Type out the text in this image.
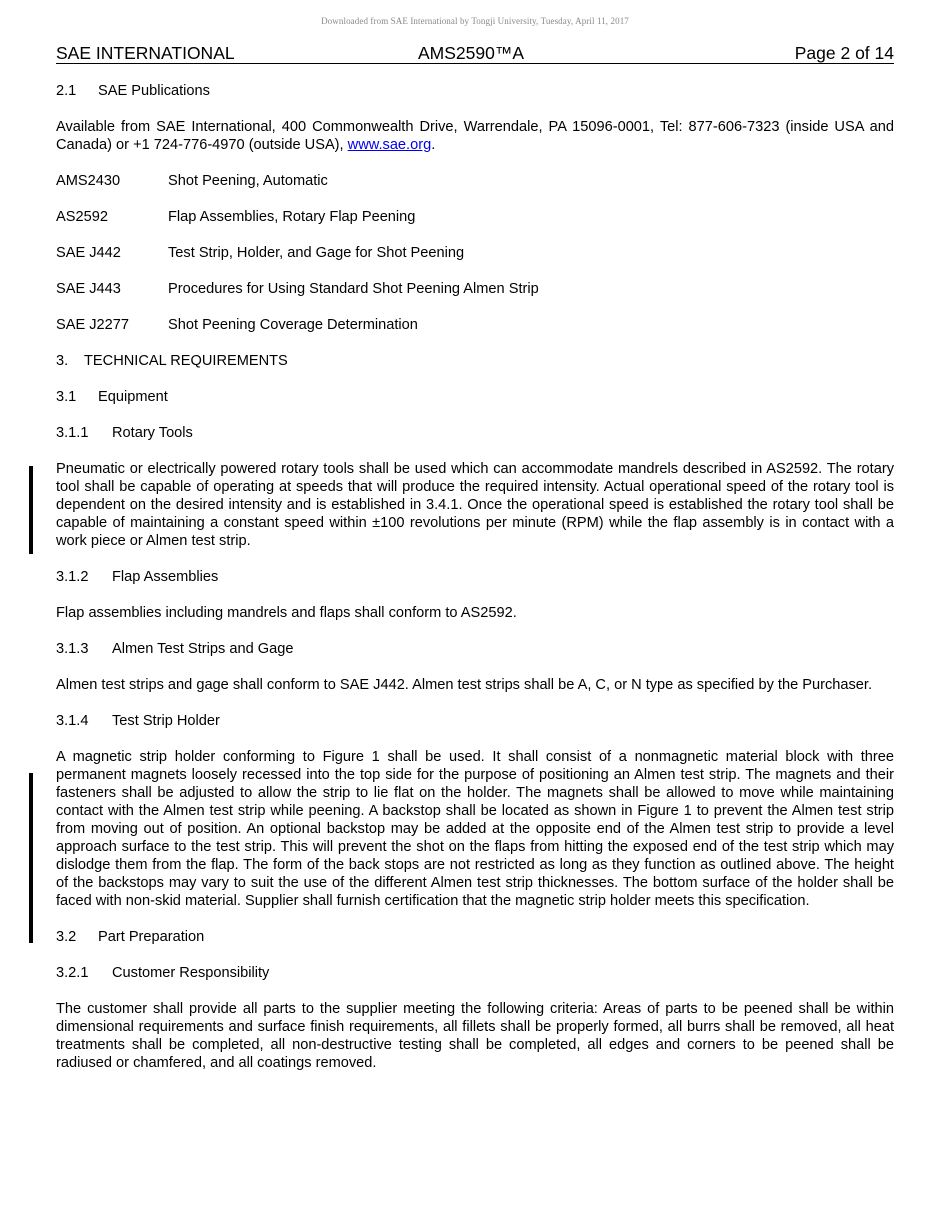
Downloaded from SAE International by Tongji University, Tuesday, April 11, 2017
SAE INTERNATIONAL	AMS2590™A	Page 2 of 14
2.1 SAE Publications

Available from SAE International, 400 Commonwealth Drive, Warrendale, PA 15096-0001, Tel: 877-606-7323 (inside USA and Canada) or +1 724-776-4970 (outside USA), www.sae.org.

AMS2430	Shot Peening, Automatic
AS2592	Flap Assemblies, Rotary Flap Peening
SAE J442	Test Strip, Holder, and Gage for Shot Peening
SAE J443	Procedures for Using Standard Shot Peening Almen Strip
SAE J2277	Shot Peening Coverage Determination
3. TECHNICAL REQUIREMENTS
3.1 Equipment
3.1.1 Rotary Tools

Pneumatic or electrically powered rotary tools shall be used which can accommodate mandrels described in AS2592. The rotary tool shall be capable of operating at speeds that will produce the required intensity. Actual operational speed of the rotary tool is dependent on the desired intensity and is established in 3.4.1. Once the operational speed is established the rotary tool shall be capable of maintaining a constant speed within ±100 revolutions per minute (RPM) while the flap assembly is in contact with a work piece or Almen test strip.

3.1.2 Flap Assemblies

Flap assemblies including mandrels and flaps shall conform to AS2592.

3.1.3 Almen Test Strips and Gage

Almen test strips and gage shall conform to SAE J442. Almen test strips shall be A, C, or N type as specified by the Purchaser.

3.1.4 Test Strip Holder

A magnetic strip holder conforming to Figure 1 shall be used. It shall consist of a nonmagnetic material block with three permanent magnets loosely recessed into the top side for the purpose of positioning an Almen test strip. The magnets and their fasteners shall be adjusted to allow the strip to lie flat on the holder. The magnets shall be allowed to move while maintaining contact with the Almen test strip while peening. A backstop shall be located as shown in Figure 1 to prevent the Almen test strip from moving out of position. An optional backstop may be added at the opposite end of the Almen test strip to provide a level approach surface to the test strip. This will prevent the shot on the flaps from hitting the exposed end of the test strip which may dislodge them from the flap. The form of the back stops are not restricted as long as they function as outlined above. The height of the backstops may vary to suit the use of the different Almen test strip thicknesses. The bottom surface of the holder shall be faced with non-skid material. Supplier shall furnish certification that the magnetic strip holder meets this specification.

3.2 Part Preparation
3.2.1 Customer Responsibility

The customer shall provide all parts to the supplier meeting the following criteria: Areas of parts to be peened shall be within dimensional requirements and surface finish requirements, all fillets shall be properly formed, all burrs shall be removed, all heat treatments shall be completed, all non-destructive testing shall be completed, all edges and corners to be peened shall be radiused or chamfered, and all coatings removed.
